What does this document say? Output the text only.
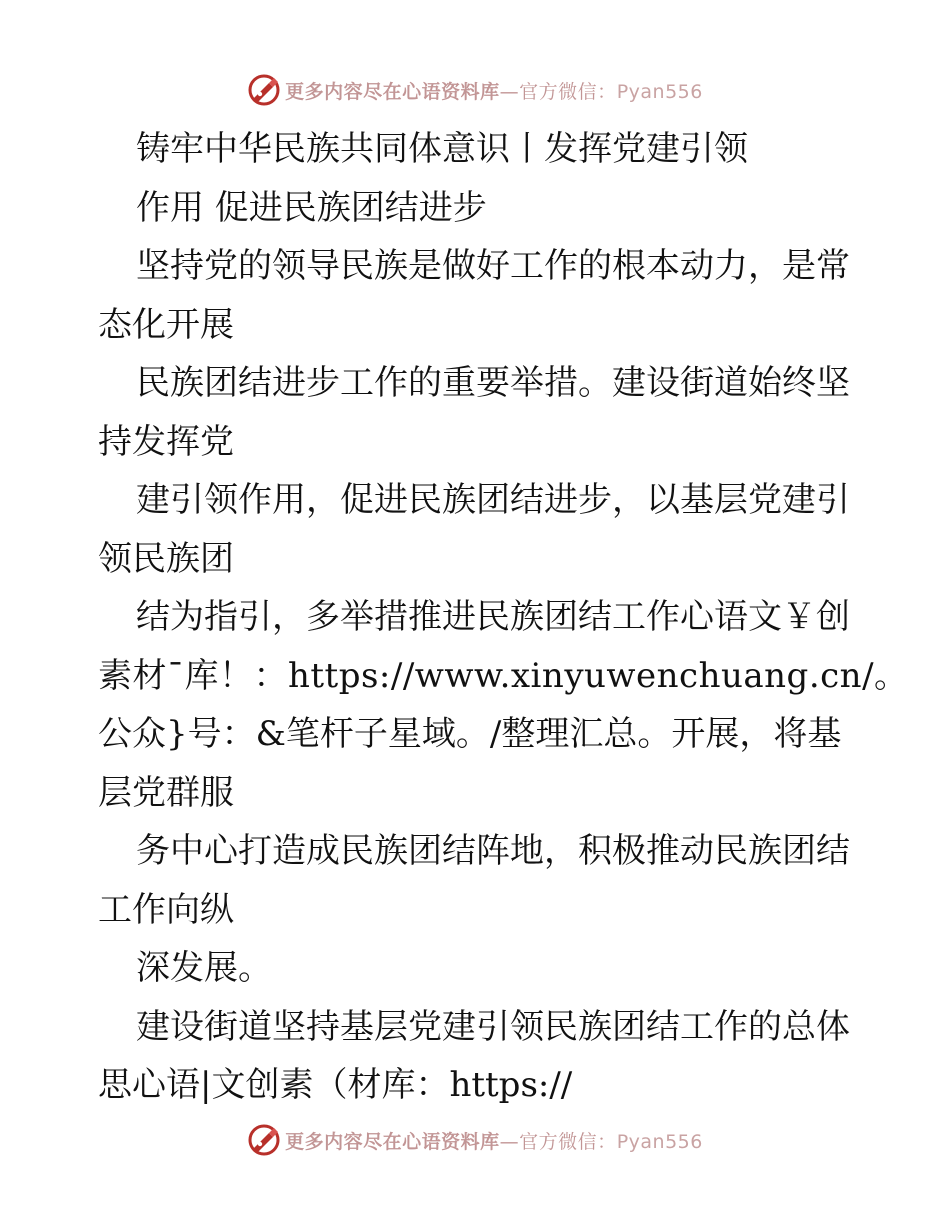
更多内容尽在心语资料库—官方微信：Pyan556
铸牢中华民族共同体意识丨发挥党建引领
作用 促进民族团结进步
坚持党的领导民族是做好工作的根本动力，是常
态化开展
民族团结进步工作的重要举措。建设街道始终坚
持发挥党
建引领作用，促进民族团结进步，以基层党建引
领民族团
结为指引，多举措推进民族团结工作心语文￥创
素材¯库！：https://www.xinyuwenchuang.cn/。
公众}号：&笔杆子星域。/整理汇总。开展，将基
层党群服
务中心打造成民族团结阵地，积极推动民族团结
工作向纵
深发展。
建设街道坚持基层党建引领民族团结工作的总体
思心语|文创素（材库：https://
更多内容尽在心语资料库—官方微信：Pyan556
